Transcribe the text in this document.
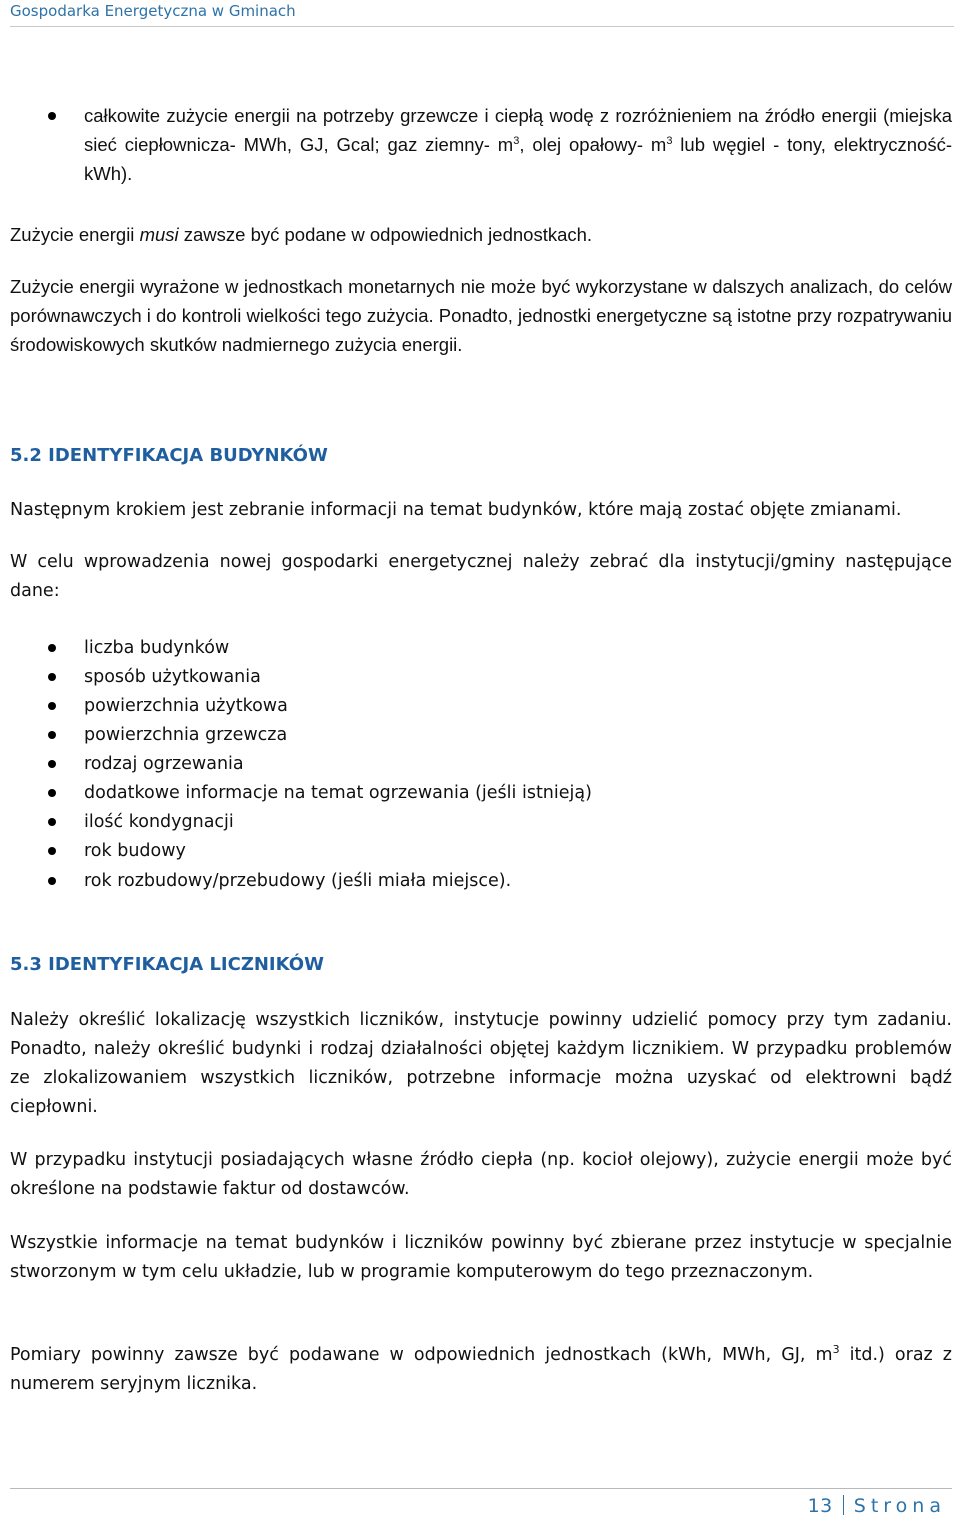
Gospodarka Energetyczna w Gminach
całkowite zużycie energii na potrzeby grzewcze i ciepłą wodę z rozróżnieniem na źródło energii (miejska sieć ciepłownicza- MWh, GJ, Gcal; gaz ziemny- $m^3$, olej opałowy- $m^3$ lub węgiel - tony, elektryczność- kWh).

Zużycie energii musi zawsze być podane w odpowiednich jednostkach.

Zużycie energii wyrażone w jednostkach monetarnych nie może być wykorzystane w dalszych analizach, do celów porównawczych i do kontroli wielkości tego zużycia. Ponadto, jednostki energetyczne są istotne przy rozpatrywaniu środowiskowych skutków nadmiernego zużycia energii.

5.2 IDENTYFIKACJA BUDYNKÓW

Następnym krokiem jest zebranie informacji na temat budynków, które mają zostać objęte zmianami.

W celu wprowadzenia nowej gospodarki energetycznej należy zebrać dla instytucji/gminy następujące dane:

liczba budynków
sposób użytkowania
powierzchnia użytkowa
powierzchnia grzewcza
rodzaj ogrzewania
dodatkowe informacje na temat ogrzewania (jeśli istnieją)
ilość kondygnacji
rok budowy
rok rozbudowy/przebudowy (jeśli miała miejsce).
5.3 IDENTYFIKACJA LICZNIKÓW

Należy określić lokalizację wszystkich liczników, instytucje powinny udzielić pomocy przy tym zadaniu. Ponadto, należy określić budynki i rodzaj działalności objętej każdym licznikiem. W przypadku problemów ze zlokalizowaniem wszystkich liczników, potrzebne informacje można uzyskać od elektrowni bądź ciepłowni.

W przypadku instytucji posiadających własne źródło ciepła (np. kocioł olejowy), zużycie energii może być określone na podstawie faktur od dostawców.

Wszystkie informacje na temat budynków i liczników powinny być zbierane przez instytucje w specjalnie stworzonym w tym celu układzie, lub w programie komputerowym do tego przeznaczonym.

Pomiary powinny zawsze być podawane w odpowiednich jednostkach (kWh, MWh, GJ, $m^3$ itd.) oraz z numerem seryjnym licznika.

13 Strona
